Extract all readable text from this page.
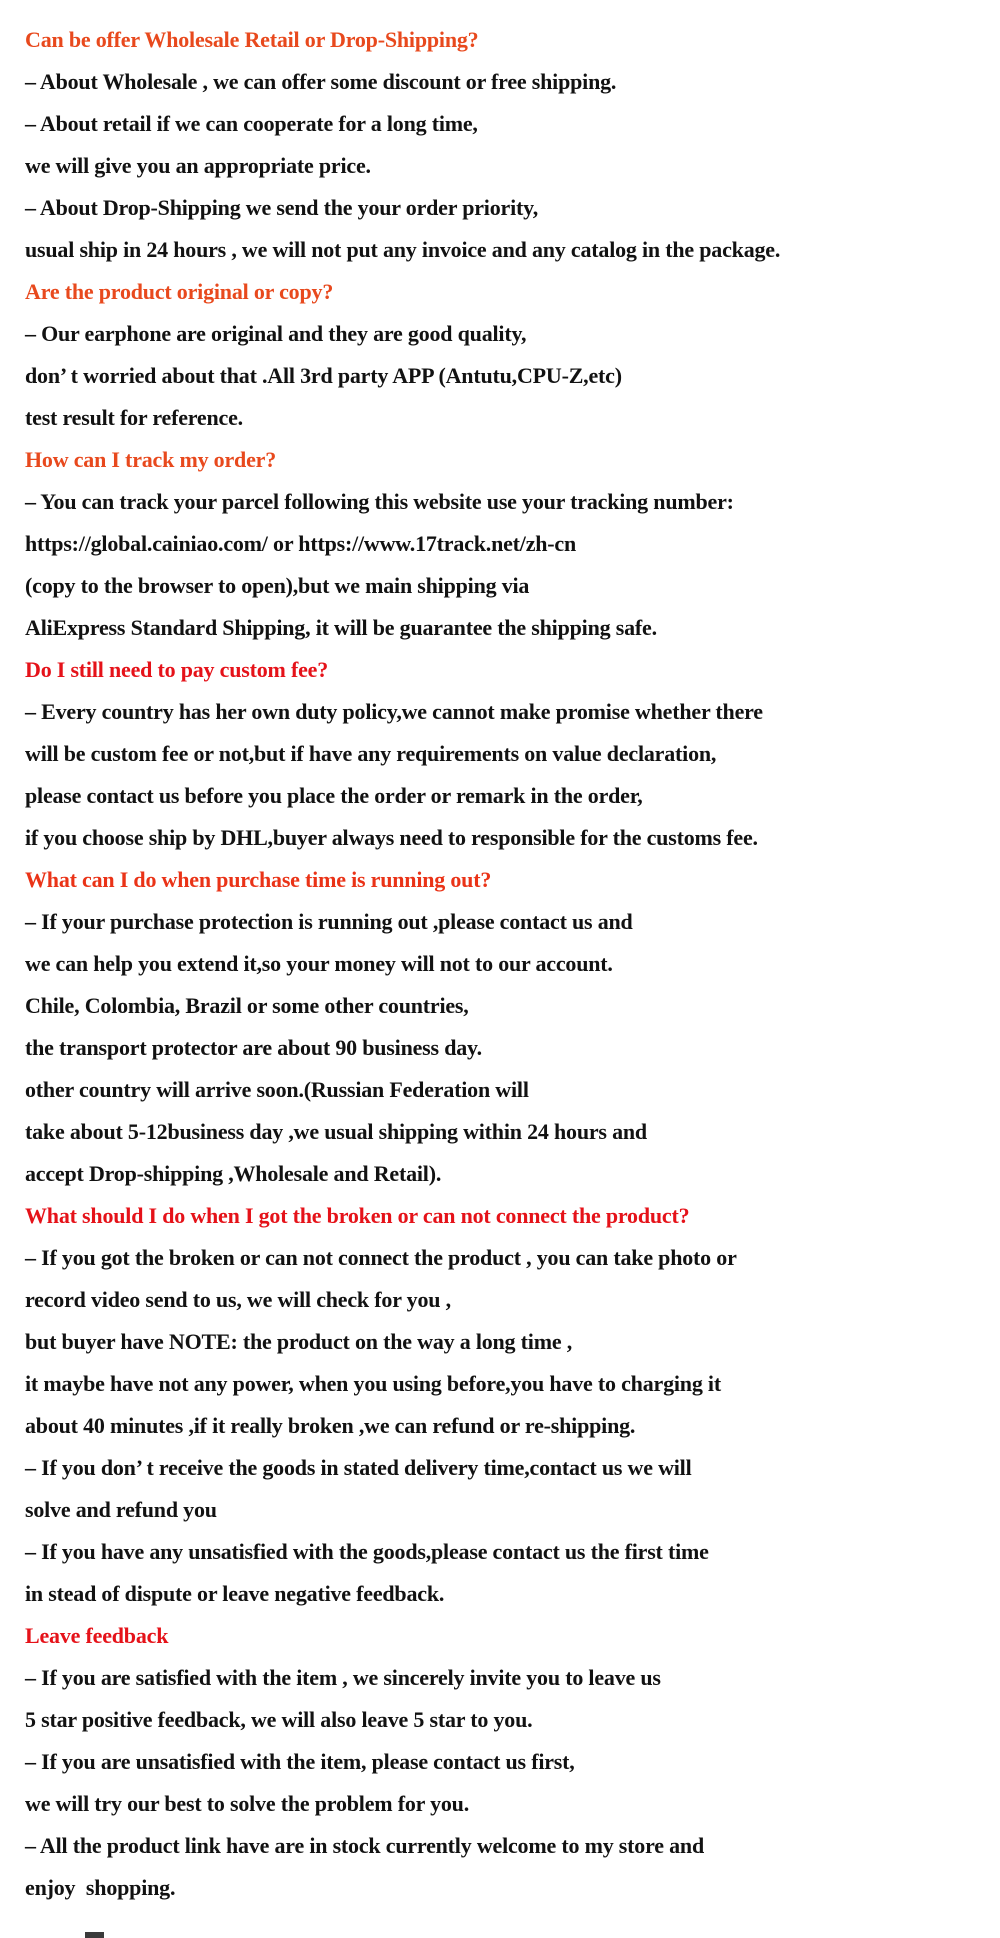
Can be offer Wholesale Retail or Drop-Shipping?
– About Wholesale , we can offer some discount or free shipping.
– About retail if we can cooperate for a long time,
we will give you an appropriate price.
– About Drop-Shipping we send the your order priority,
usual ship in 24 hours , we will not put any invoice and any catalog in the package.
Are the product original or copy?
– Our earphone are original and they are good quality,
don’ t worried about that .All 3rd party APP (Antutu,CPU-Z,etc)
test result for reference.
How can I track my order?
– You can track your parcel following this website use your tracking number:
https://global.cainiao.com/ or https://www.17track.net/zh-cn
(copy to the browser to open),but we main shipping via
AliExpress Standard Shipping, it will be guarantee the shipping safe.
Do I still need to pay custom fee?
– Every country has her own duty policy,we cannot make promise whether there
will be custom fee or not,but if have any requirements on value declaration,
please contact us before you place the order or remark in the order,
if you choose ship by DHL,buyer always need to responsible for the customs fee.
What can I do when purchase time is running out?
– If your purchase protection is running out ,please contact us and
we can help you extend it,so your money will not to our account.
Chile, Colombia, Brazil or some other countries,
the transport protector are about 90 business day.
other country will arrive soon.(Russian Federation will
take about 5-12business day ,we usual shipping within 24 hours and
accept Drop-shipping ,Wholesale and Retail).
What should I do when I got the broken or can not connect the product?
– If you got the broken or can not connect the product , you can take photo or
record video send to us, we will check for you ,
but buyer have NOTE: the product on the way a long time ,
it maybe have not any power, when you using before,you have to charging it
about 40 minutes ,if it really broken ,we can refund or re-shipping.
– If you don’ t receive the goods in stated delivery time,contact us we will
solve and refund you
– If you have any unsatisfied with the goods,please contact us the first time
in stead of dispute or leave negative feedback.
Leave feedback
– If you are satisfied with the item , we sincerely invite you to leave us
5 star positive feedback, we will also leave 5 star to you.
– If you are unsatisfied with the item, please contact us first,
we will try our best to solve the problem for you.
– All the product link have are in stock currently welcome to my store and
enjoy  shopping.
